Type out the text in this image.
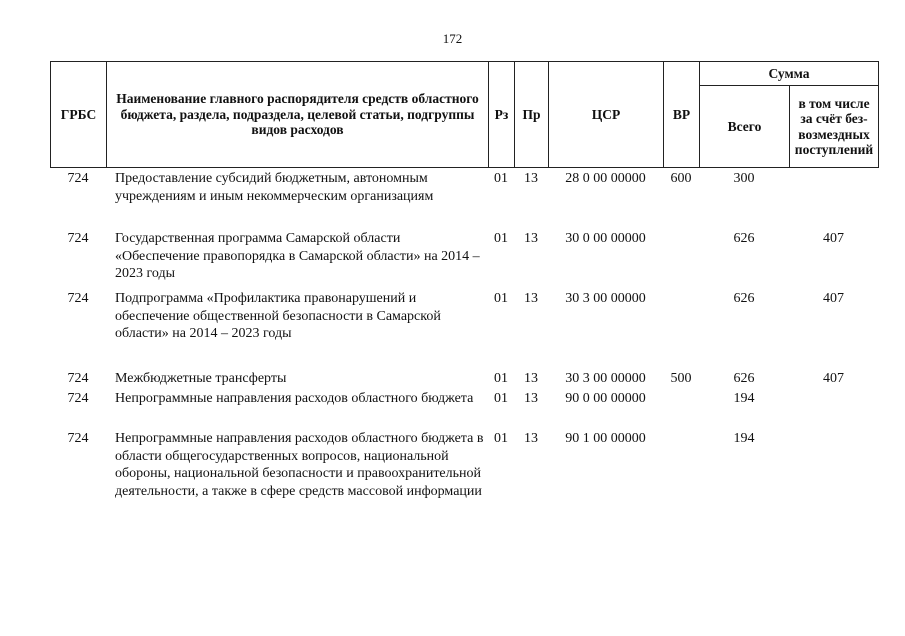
172
ГРБС	Наименование главного распорядителя средств областного бюджета, раздела, подраздела, целевой статьи, подгруппы видов расходов	Рз	Пр	ЦСР	ВР	Сумма	
						Всего	в том числе за счёт без-возмездных поступлений
724	Предоставление субсидий бюджетным, автономным учреждениям и иным некоммерческим организациям	01	13	28 0 00 00000	600	300	
724	Государственная программа Самарской области «Обеспечение правопорядка в Самарской области» на 2014 – 2023 годы	01	13	30 0 00 00000		626	407
724	Подпрограмма «Профилактика правонарушений и обеспечение общественной безопасности в Самарской области» на 2014 – 2023 годы	01	13	30 3 00 00000		626	407
724	Межбюджетные трансферты	01	13	30 3 00 00000	500	626	407
724	Непрограммные направления расходов областного бюджета	01	13	90 0 00 00000		194	
724	Непрограммные направления расходов областного бюджета в области общегосударственных вопросов, национальной обороны, национальной безопасности и правоохранительной деятельности, а также в сфере средств массовой информации	01	13	90 1 00 00000		194	
